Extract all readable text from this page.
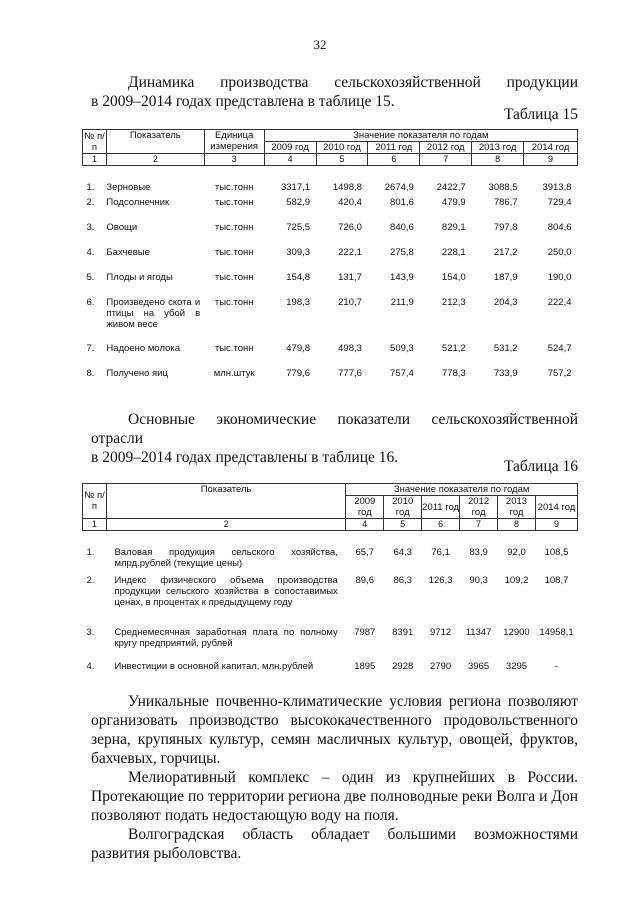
32
Динамика производства сельскохозяйственной продукции
в 2009–2014 годах представлена в таблице 15.
Таблица 15
№ п/п	Показатель	Единица измерения	Значение показателя по годам					
			2009 год	2010 год	2011 год	2012 год	2013 год	2014 год
1	2	3	4	5	6	7	8	9
1.	Зерновые	тыс.тонн	3317,1	1498,8	2674,9	2422,7	3088,5	3913,8
2.	Подсолнечник	тыс.тонн	582,9	420,4	801,6	479,9	786,7	729,4
3.	Овощи	тыс.тонн	725,5	726,0	840,6	829,1	797,8	804,6
4.	Бахчевые	тыс.тонн	309,3	222,1	275,8	228,1	217,2	250,0
5.	Плоды и ягоды	тыс.тонн	154,8	131,7	143,9	154,0	187,9	190,0
6.	Произведено скота и птицы на убой в живом весе	тыс.тонн	198,3	210,7	211,9	212,3	204,3	222,4
7.	Надоено молока	тыс.тонн	479,8	498,3	509,3	521,2	531,2	524,7
8.	Получено яиц	млн.штук	779,6	777,6	757,4	778,3	733,9	757,2
Основные экономические показатели сельскохозяйственной отрасли
в 2009–2014 годах представлены в таблице 16.
Таблица 16
№ п/п	Показатель	Значение показателя по годам					
		2009 год	2010 год	2011 год	2012 год	2013 год	2014 год
1	2	4	5	6	7	8	9
1.	Валовая продукция сельского хозяйства, млрд.рублей (текущие цены)	65,7	64,3	76,1	83,9	92,0	108,5
2.	Индекс физического объема производства продукции сельского хозяйства в сопоставимых ценах, в процентах к предыдущему году	89,6	86,3	126,3	90,3	109,2	108,7
3.	Среднемесячная заработная плата по полному кругу предприятий, рублей	7987	8391	9712	11347	12900	14958,1
4.	Инвестиции в основной капитал, млн.рублей	1895	2928	2790	3965	3295	-
Уникальные почвенно-климатические условия региона позволяют организовать производство высококачественного продовольственного зерна, крупяных культур, семян масличных культур, овощей, фруктов, бахчевых, горчицы.
Мелиоративный комплекс – один из крупнейших в России. Протекающие по территории региона две полноводные реки Волга и Дон позволяют подать недостающую воду на поля.
Волгоградская область обладает большими возможностями развития рыболовства.
